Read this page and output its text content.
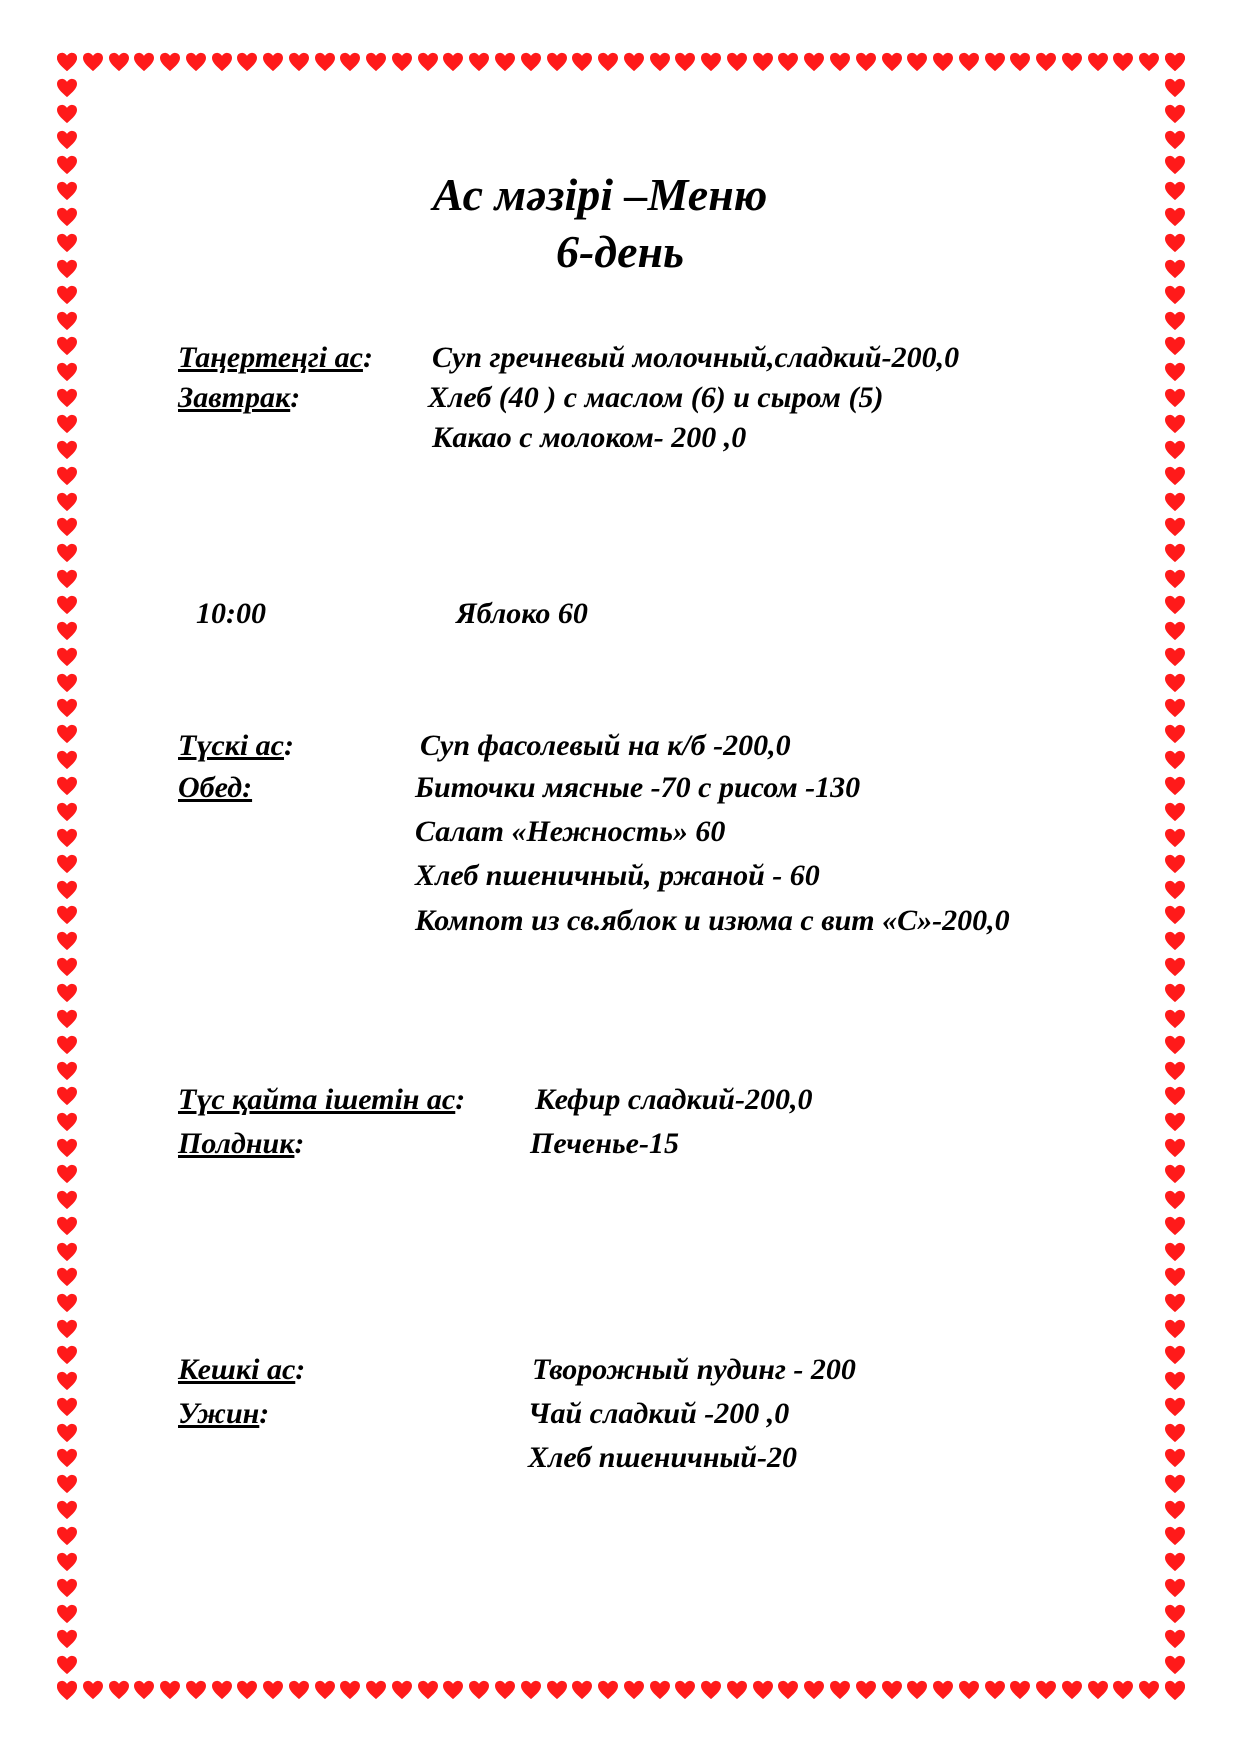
Ас мәзірі –Меню
6-день

Таңертеңгі ас:

Завтрак:

Суп гречневый молочный,сладкий-200,0

Хлеб (40 ) с маслом (6) и сыром (5)

Какао с молоком- 200 ,0

10:00	Яблоко 60

Түскі ас:

Обед:

Суп фасолевый на к/б -200,0

Биточки мясные -70 с рисом -130

Салат «Нежность» 60

Хлеб пшеничный, ржаной - 60

Компот из св.яблок и изюма с вит «С»-200,0

Түс қайта ішетін ас:

Полдник:

Кефир сладкий-200,0

Печенье-15

Кешкі ас:

Ужин:

Творожный пудинг - 200

Чай сладкий -200 ,0

Хлеб пшеничный-20
